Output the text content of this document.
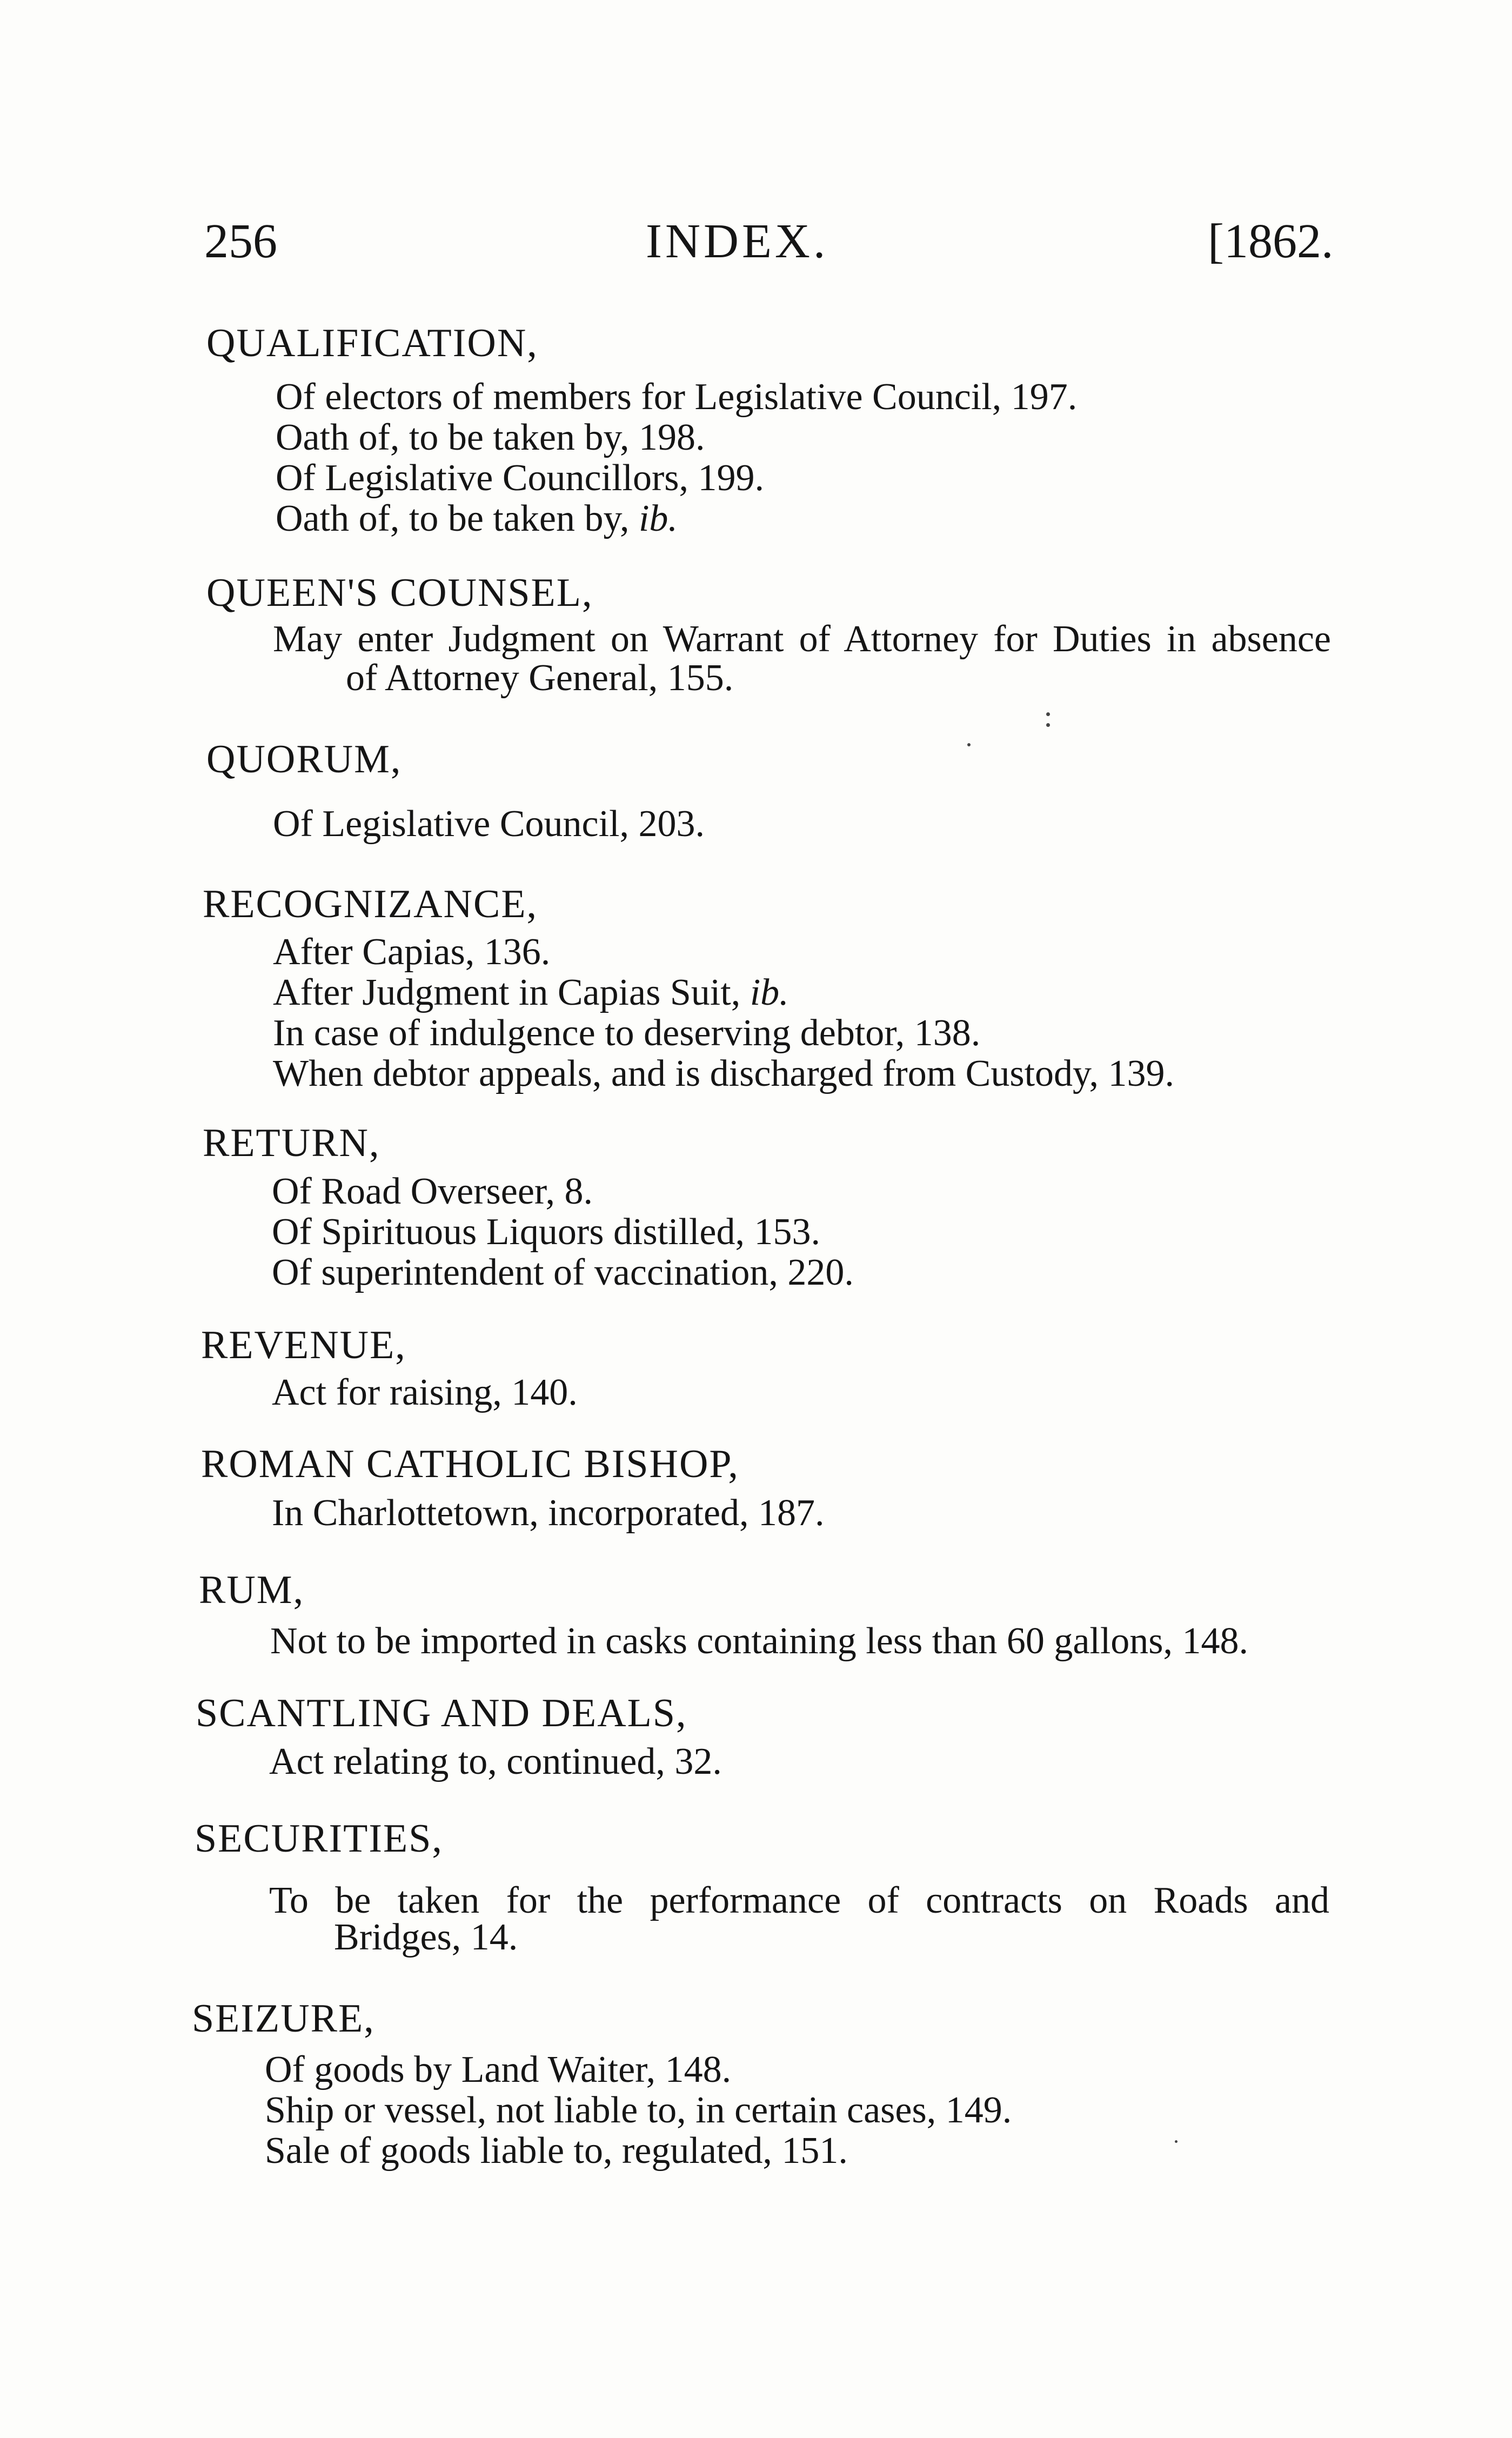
256	INDEX.	[1862.
QUALIFICATION,
Of electors of members for Legislative Council, 197.
Oath of, to be taken by, 198.
Of Legislative Councillors, 199.
Oath of, to be taken by, ib.
QUEEN'S COUNSEL,
May enter Judgment on Warrant of Attorney for Duties in absence
of Attorney General, 155.
QUORUM,
Of Legislative Council, 203.
RECOGNIZANCE,
After Capias, 136.
After Judgment in Capias Suit, ib.
In case of indulgence to deserving debtor, 138.
When debtor appeals, and is discharged from Custody, 139.
RETURN,
Of Road Overseer, 8.
Of Spirituous Liquors distilled, 153.
Of superintendent of vaccination, 220.
REVENUE,
Act for raising, 140.
ROMAN CATHOLIC BISHOP,
In Charlottetown, incorporated, 187.
RUM,
Not to be imported in casks containing less than 60 gallons, 148.
SCANTLING AND DEALS,
Act relating to, continued, 32.
SECURITIES,
To be taken for the performance of contracts on Roads and
Bridges, 14.
SEIZURE,
Of goods by Land Waiter, 148.
Ship or vessel, not liable to, in certain cases, 149.
Sale of goods liable to, regulated, 151.
